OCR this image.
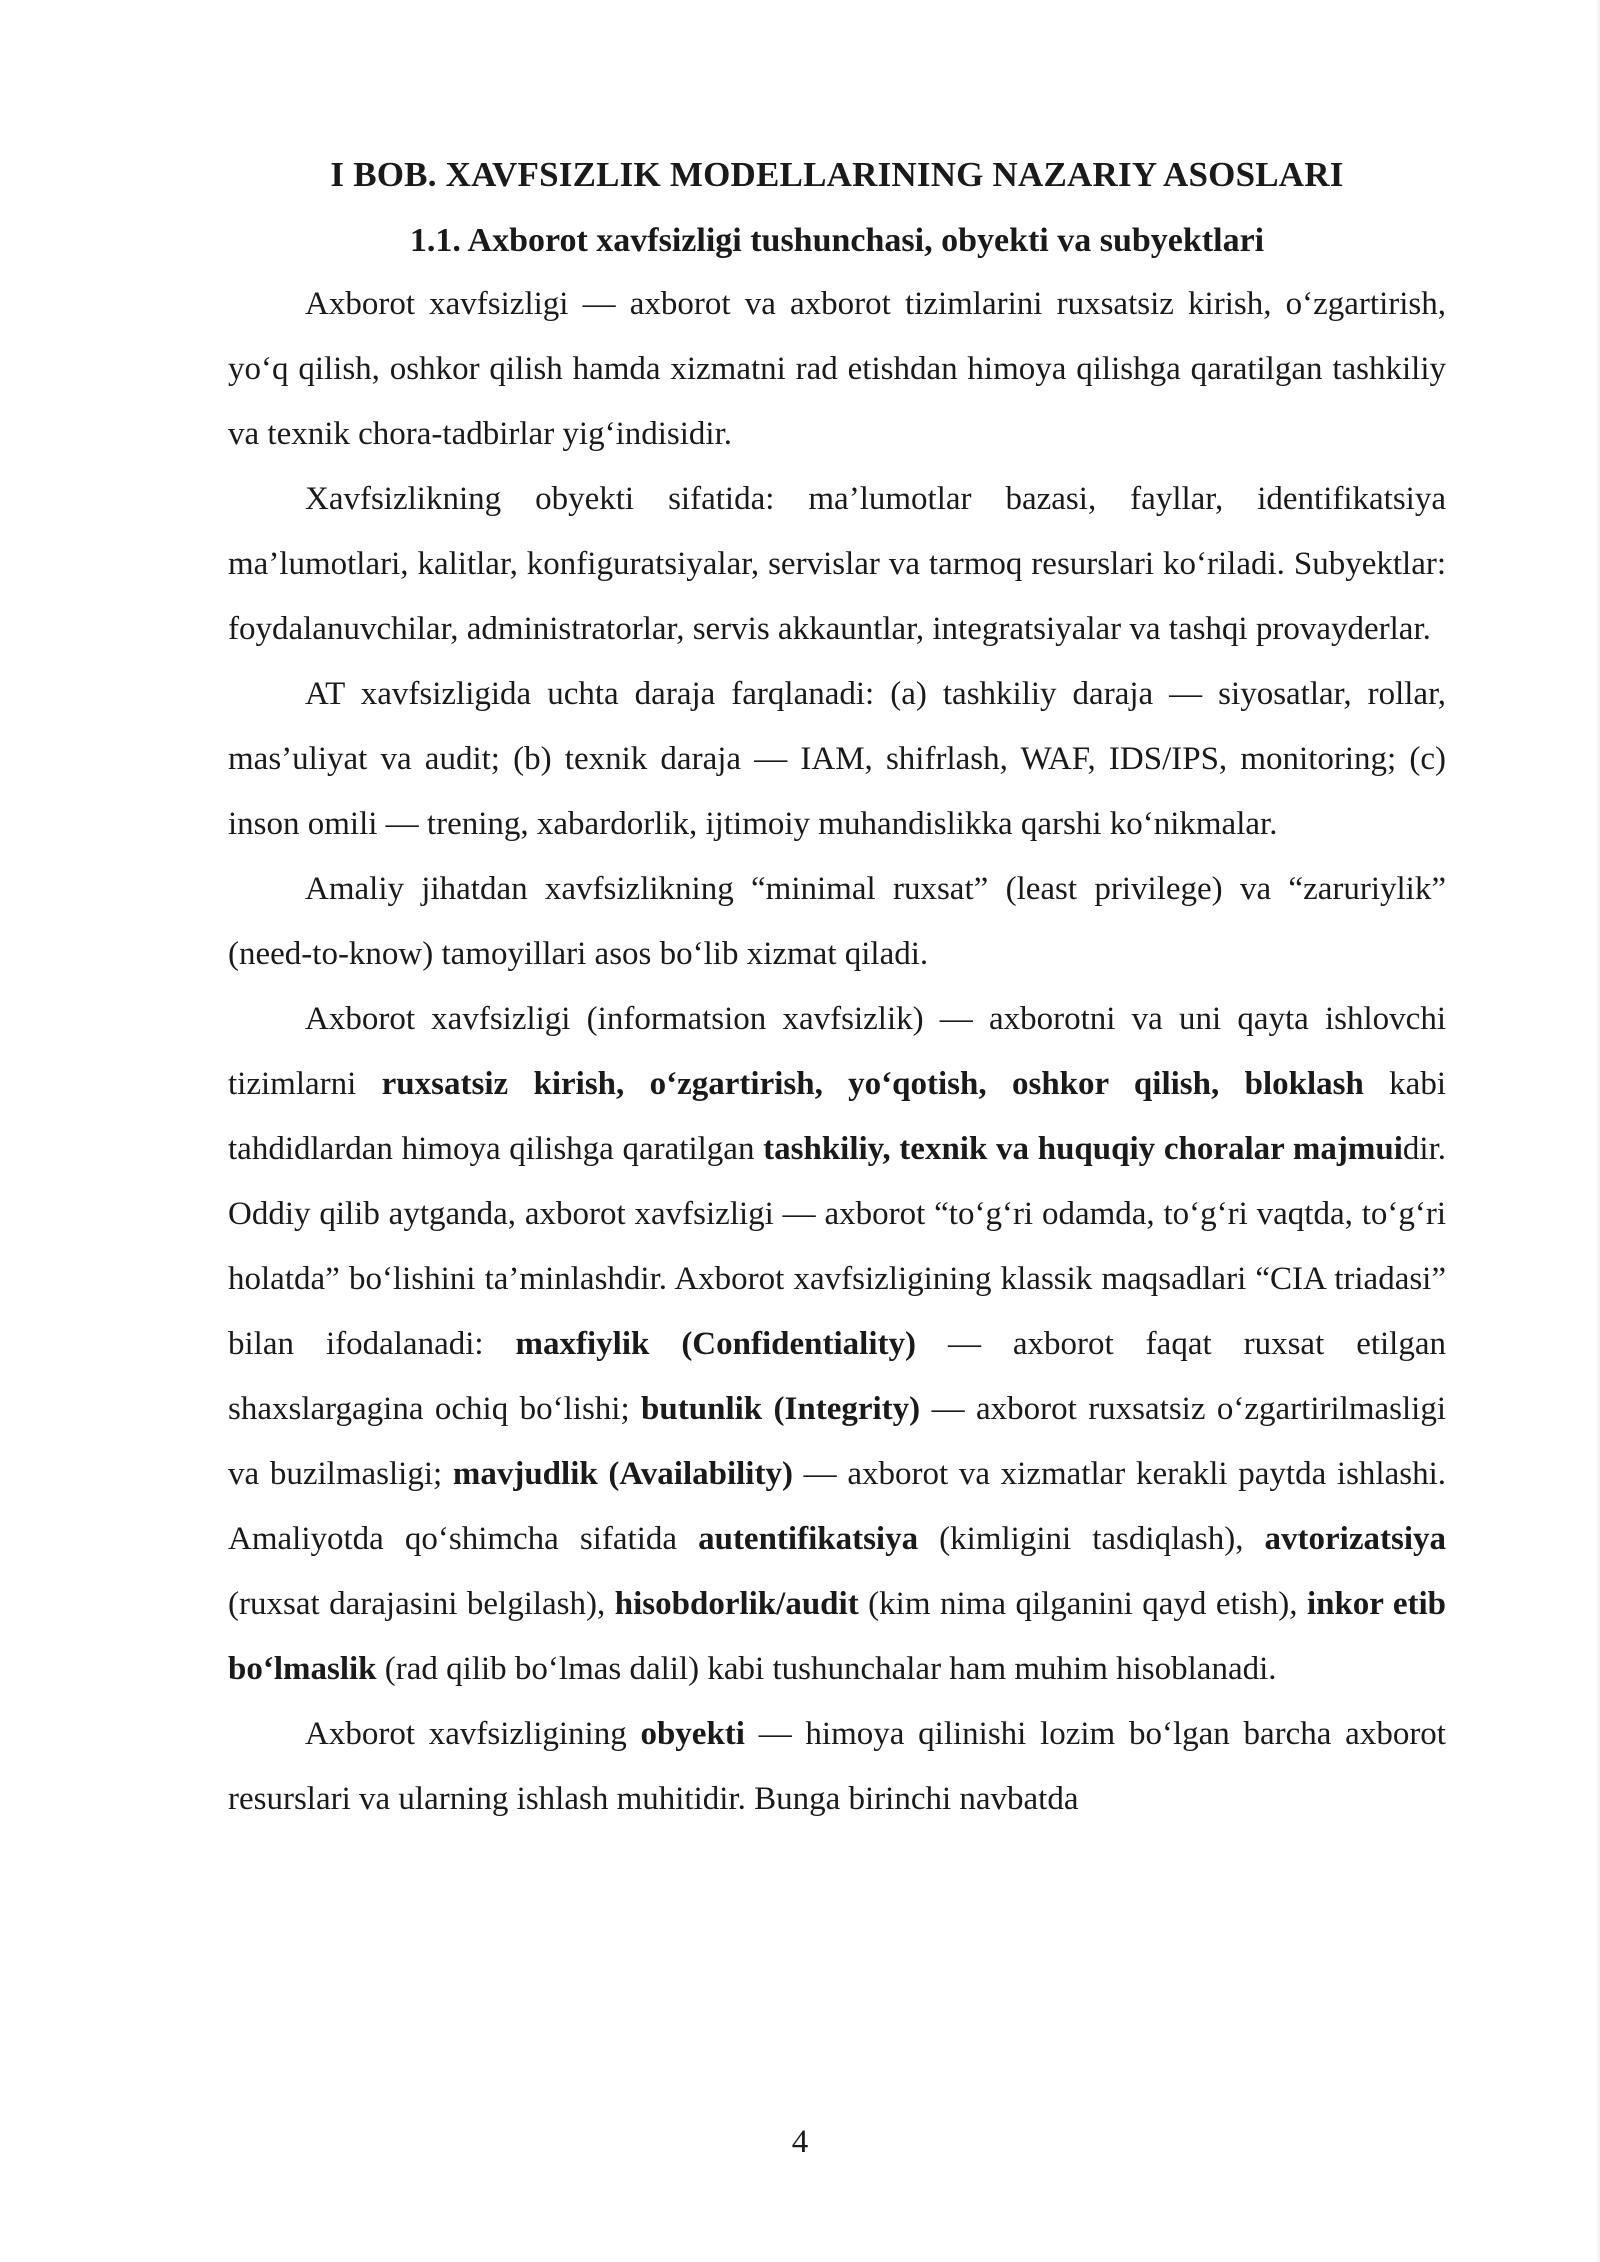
I BOB. XAVFSIZLIK MODELLARINING NAZARIY ASOSLARI
1.1. Axborot xavfsizligi tushunchasi, obyekti va subyektlari

Axborot xavfsizligi — axborot va axborot tizimlarini ruxsatsiz kirish, o‘zgartirish, yo‘q qilish, oshkor qilish hamda xizmatni rad etishdan himoya qilishga qaratilgan tashkiliy va texnik chora-tadbirlar yig‘indisidir.

Xavfsizlikning obyekti sifatida: ma’lumotlar bazasi, fayllar, identifikatsiya ma’lumotlari, kalitlar, konfiguratsiyalar, servislar va tarmoq resurslari ko‘riladi. Subyektlar: foydalanuvchilar, administratorlar, servis akkauntlar, integratsiyalar va tashqi provayderlar.

AT xavfsizligida uchta daraja farqlanadi: (a) tashkiliy daraja — siyosatlar, rollar, mas’uliyat va audit; (b) texnik daraja — IAM, shifrlash, WAF, IDS/IPS, monitoring; (c) inson omili — trening, xabardorlik, ijtimoiy muhandislikka qarshi ko‘nikmalar.

Amaliy jihatdan xavfsizlikning “minimal ruxsat” (least privilege) va “zaruriylik” (need-to-know) tamoyillari asos bo‘lib xizmat qiladi.

Axborot xavfsizligi (informatsion xavfsizlik) — axborotni va uni qayta ishlovchi tizimlarni ruxsatsiz kirish, o‘zgartirish, yo‘qotish, oshkor qilish, bloklash kabi tahdidlardan himoya qilishga qaratilgan tashkiliy, texnik va huquqiy choralar majmuidir. Oddiy qilib aytganda, axborot xavfsizligi — axborot “to‘g‘ri odamda, to‘g‘ri vaqtda, to‘g‘ri holatda” bo‘lishini ta’minlashdir. Axborot xavfsizligining klassik maqsadlari “CIA triadasi” bilan ifodalanadi: maxfiylik (Confidentiality) — axborot faqat ruxsat etilgan shaxslargagina ochiq bo‘lishi; butunlik (Integrity) — axborot ruxsatsiz o‘zgartirilmasligi va buzilmasligi; mavjudlik (Availability) — axborot va xizmatlar kerakli paytda ishlashi. Amaliyotda qo‘shimcha sifatida autentifikatsiya (kimligini tasdiqlash), avtorizatsiya (ruxsat darajasini belgilash), hisobdorlik/audit (kim nima qilganini qayd etish), inkor etib bo‘lmaslik (rad qilib bo‘lmas dalil) kabi tushunchalar ham muhim hisoblanadi.

Axborot xavfsizligining obyekti — himoya qilinishi lozim bo‘lgan barcha axborot resurslari va ularning ishlash muhitidir. Bunga birinchi navbatda

4
